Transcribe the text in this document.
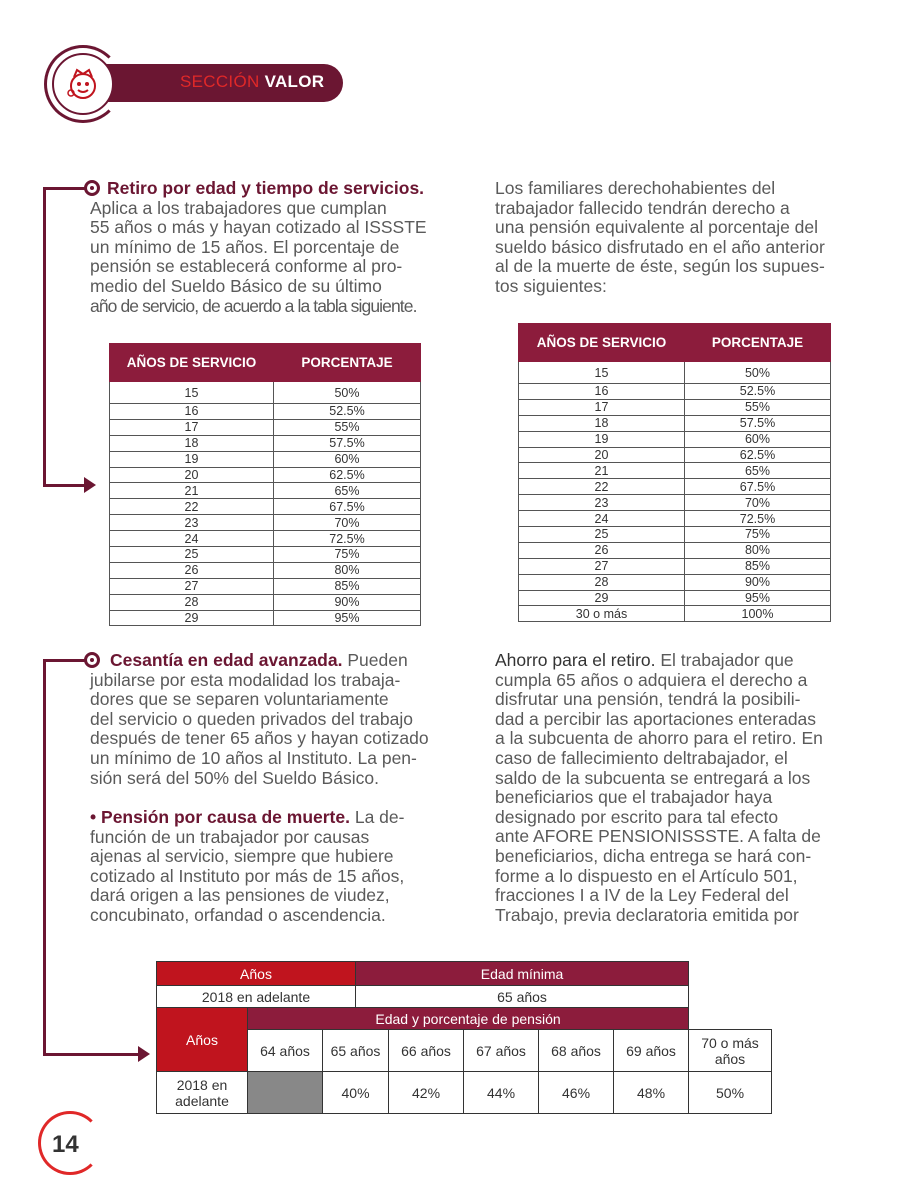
SECCIÓN VALOR
Retiro por edad y tiempo de servicios.
Aplica a los trabajadores que cumplan
55 años o más y hayan cotizado al ISSSTE
un mínimo de 15 años. El porcentaje de
pensión se establecerá conforme al pro-
medio del Sueldo Básico de su último
año de servicio, de acuerdo a la tabla siguiente.
Los familiares derechohabientes del
trabajador fallecido tendrán derecho a
una pensión equivalente al porcentaje del
sueldo básico disfrutado en el año anterior
al de la muerte de éste, según los supues-
tos siguientes:
AÑOS DE SERVICIO	PORCENTAJE
15	50%
16	52.5%
17	55%
18	57.5%
19	60%
20	62.5%
21	65%
22	67.5%
23	70%
24	72.5%
25	75%
26	80%
27	85%
28	90%
29	95%
AÑOS DE SERVICIO	PORCENTAJE
15	50%
16	52.5%
17	55%
18	57.5%
19	60%
20	62.5%
21	65%
22	67.5%
23	70%
24	72.5%
25	75%
26	80%
27	85%
28	90%
29	95%
30 o más	100%
Cesantía en edad avanzada. Pueden
jubilarse por esta modalidad los trabaja-
dores que se separen voluntariamente
del servicio o queden privados del trabajo
después de tener 65 años y hayan cotizado
un mínimo de 10 años al Instituto. La pen-
sión será del 50% del Sueldo Básico.
• Pensión por causa de muerte. La de-
función de un trabajador por causas
ajenas al servicio, siempre que hubiere
cotizado al Instituto por más de 15 años,
dará origen a las pensiones de viudez,
concubinato, orfandad o ascendencia.
Ahorro para el retiro. El trabajador que
cumpla 65 años o adquiera el derecho a
disfrutar una pensión, tendrá la posibili-
dad a percibir las aportaciones enteradas
a la subcuenta de ahorro para el retiro. En
caso de fallecimiento deltrabajador, el
saldo de la subcuenta se entregará a los
beneficiarios que el trabajador haya
designado por escrito para tal efecto
ante AFORE PENSIONISSSTE. A falta de
beneficiarios, dicha entrega se hará con-
forme a lo dispuesto en el Artículo 501,
fracciones I a IV de la Ley Federal del
Trabajo, previa declaratoria emitida por
Años			Edad mínima					
2018 en adelante			65 años					
Años	Edad y porcentaje de pensión							
	64 años	65 años		66 años	67 años	68 años	69 años	70 o más años
2018 en adelante		40%		42%	44%	46%	48%	50%
14
